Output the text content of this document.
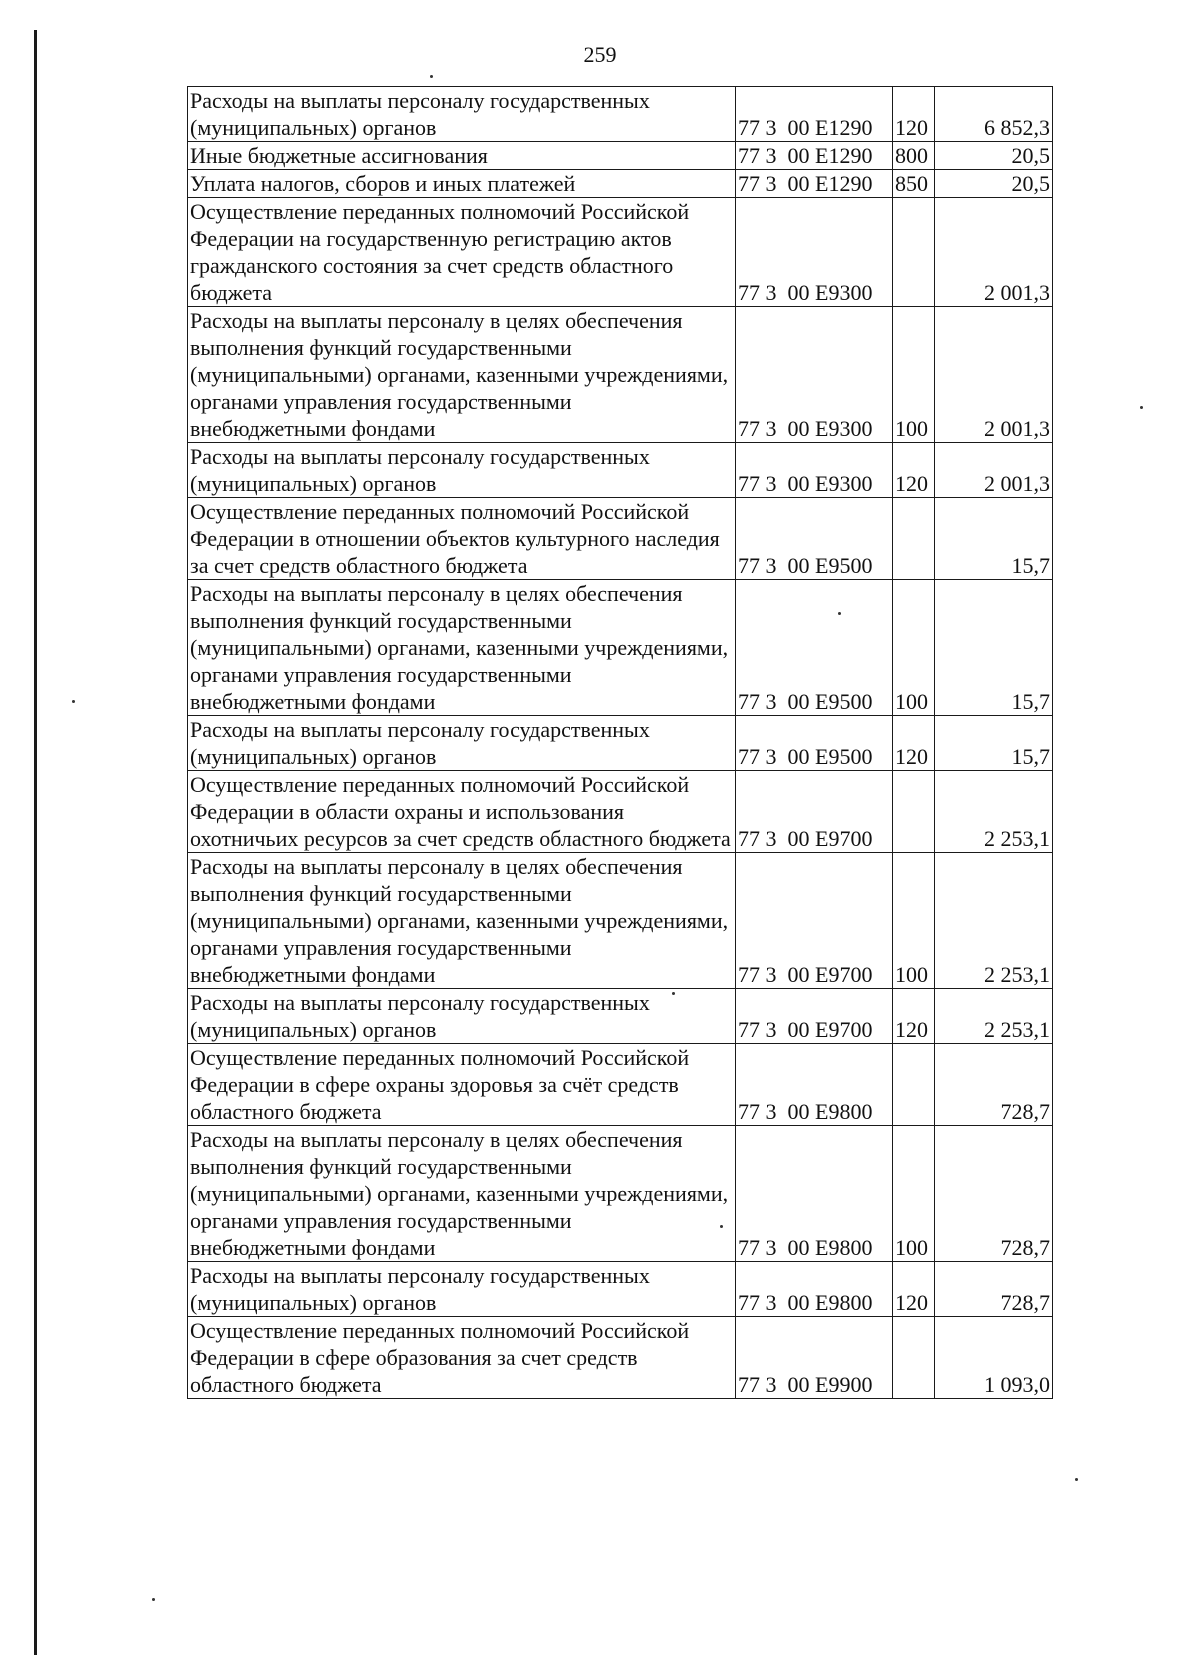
259
Расходы на выплаты персоналу государственных (муниципальных) органов	77 3  00 Е1290	120	6 852,3
Иные бюджетные ассигнования	77 3  00 Е1290	800	20,5
Уплата налогов, сборов и иных платежей	77 3  00 Е1290	850	20,5
Осуществление переданных полномочий Российской Федерации на государственную регистрацию актов гражданского состояния за счет средств областного бюджета	77 3  00 Е9300		2 001,3
Расходы на выплаты персоналу в целях обеспечения выполнения функций государственными (муниципальными) органами, казенными учреждениями, органами управления государственными внебюджетными фондами	77 3  00 Е9300	100	2 001,3
Расходы на выплаты персоналу государственных (муниципальных) органов	77 3  00 Е9300	120	2 001,3
Осуществление переданных полномочий Российской Федерации в отношении объектов культурного наследия за счет средств областного бюджета	77 3  00 Е9500		15,7
Расходы на выплаты персоналу в целях обеспечения выполнения функций государственными (муниципальными) органами, казенными учреждениями, органами управления государственными внебюджетными фондами	77 3  00 Е9500	100	15,7
Расходы на выплаты персоналу государственных (муниципальных) органов	77 3  00 Е9500	120	15,7
Осуществление переданных полномочий Российской Федерации в области охраны и использования охотничьих ресурсов за счет средств областного бюджета	77 3  00 Е9700		2 253,1
Расходы на выплаты персоналу в целях обеспечения выполнения функций государственными (муниципальными) органами, казенными учреждениями, органами управления государственными внебюджетными фондами	77 3  00 Е9700	100	2 253,1
Расходы на выплаты персоналу государственных (муниципальных) органов	77 3  00 Е9700	120	2 253,1
Осуществление переданных полномочий Российской Федерации в сфере охраны здоровья за счёт средств областного бюджета	77 3  00 Е9800		728,7
Расходы на выплаты персоналу в целях обеспечения выполнения функций государственными (муниципальными) органами, казенными учреждениями, органами управления государственными внебюджетными фондами	77 3  00 Е9800	100	728,7
Расходы на выплаты персоналу государственных (муниципальных) органов	77 3  00 Е9800	120	728,7
Осуществление переданных полномочий Российской Федерации в сфере образования за счет средств областного бюджета	77 3  00 Е9900		1 093,0
